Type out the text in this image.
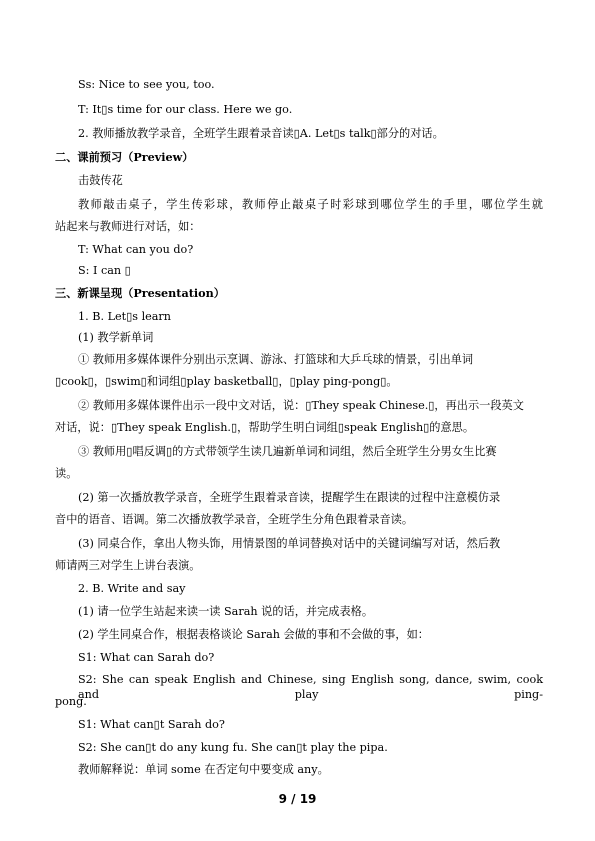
Ss: Nice to see you, too.
T: It▯s time for our class. Here we go.
2. 教师播放教学录音，全班学生跟着录音读▯A. Let▯s talk▯部分的对话。
二、课前预习（Preview）
击鼓传花
教师敲击桌子，学生传彩球，教师停止敲桌子时彩球到哪位学生的手里，哪位学生就
站起来与教师进行对话，如：
T: What can you do?
S: I can ▯
三、新课呈现（Presentation）
1. B. Let▯s learn
(1) 教学新单词
① 教师用多媒体课件分别出示烹调、游泳、打篮球和大乒乓球的情景，引出单词
▯cook▯，▯swim▯和词组▯play basketball▯，▯play ping-pong▯。
② 教师用多媒体课件出示一段中文对话，说：▯They speak Chinese.▯，再出示一段英文
对话，说：▯They speak English.▯，帮助学生明白词组▯speak English▯的意思。
③ 教师用▯唱反调▯的方式带领学生读几遍新单词和词组，然后全班学生分男女生比赛
读。
(2) 第一次播放教学录音，全班学生跟着录音读，提醒学生在跟读的过程中注意模仿录
音中的语音、语调。第二次播放教学录音，全班学生分角色跟着录音读。
(3) 同桌合作，拿出人物头饰，用情景图的单词替换对话中的关键词编写对话，然后教
师请两三对学生上讲台表演。
2. B. Write and say
(1) 请一位学生站起来读一读 Sarah 说的话，并完成表格。
(2) 学生同桌合作，根据表格谈论 Sarah 会做的事和不会做的事，如：
S1: What can Sarah do?
S2: She can speak English and Chinese, sing English song, dance, swim, cook and play ping-
pong.
S1: What can▯t Sarah do?
S2: She can▯t do any kung fu. She can▯t play the pipa.
教师解释说：单词 some 在否定句中要变成 any。
9 / 19
